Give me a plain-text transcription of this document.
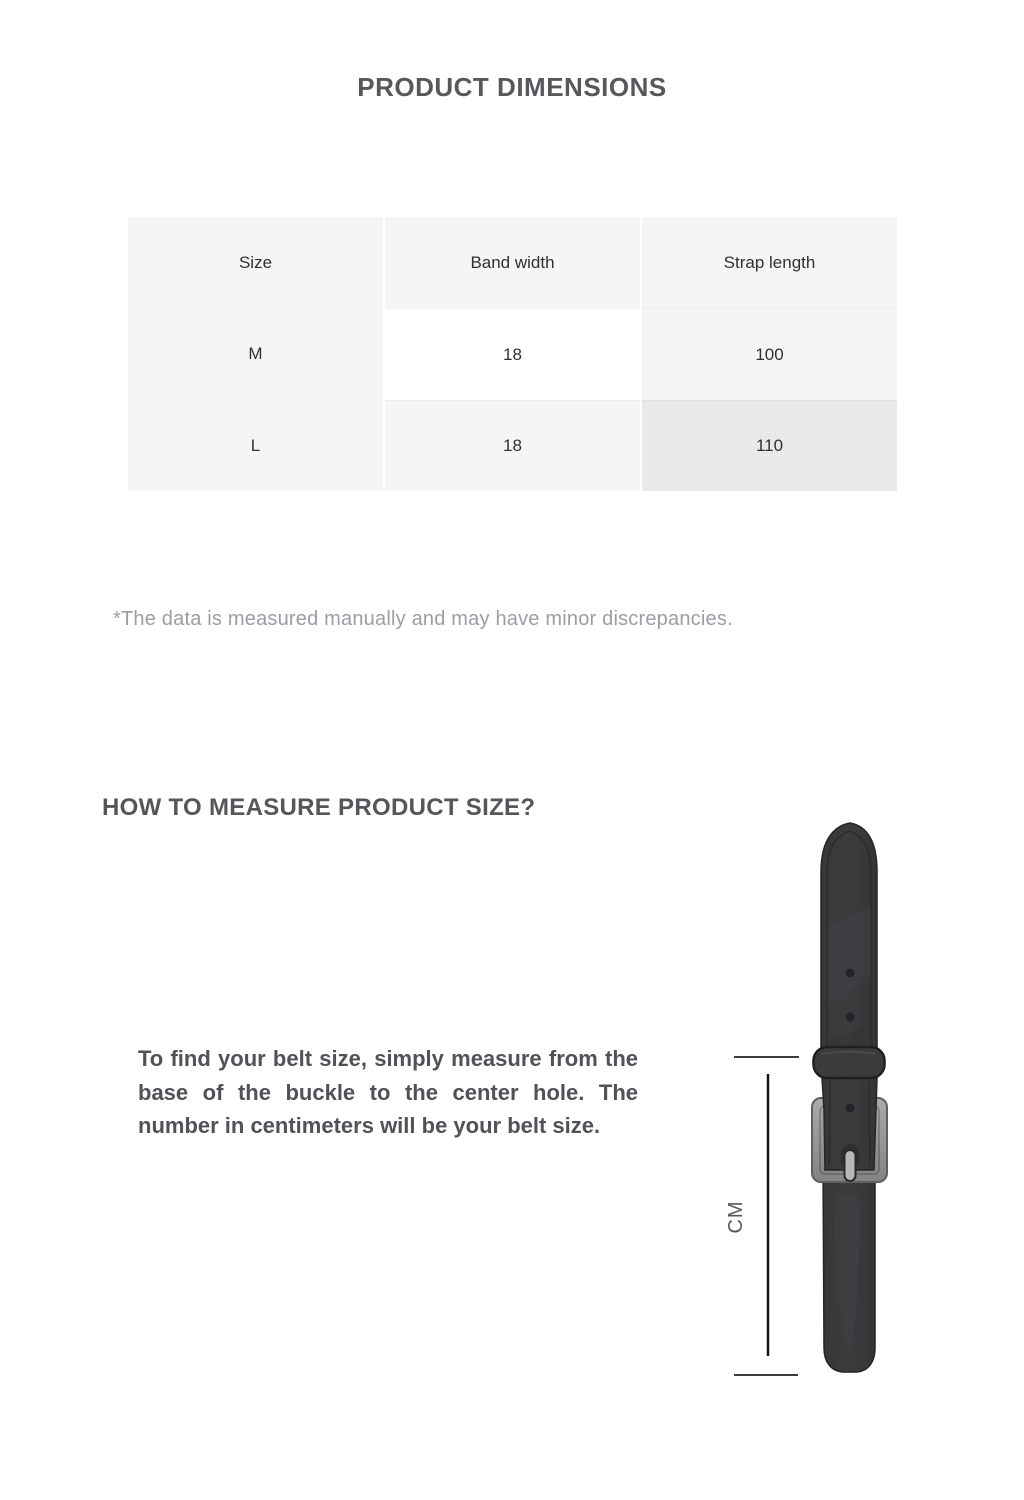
PRODUCT DIMENSIONS
Size	Band width	Strap length
M	18	100
L	18	110
*The data is measured manually and may have minor discrepancies.
HOW TO MEASURE PRODUCT SIZE?
To find your belt size, simply measure from the base of the buckle to the center hole. The number in centimeters will be your belt size.
CM
